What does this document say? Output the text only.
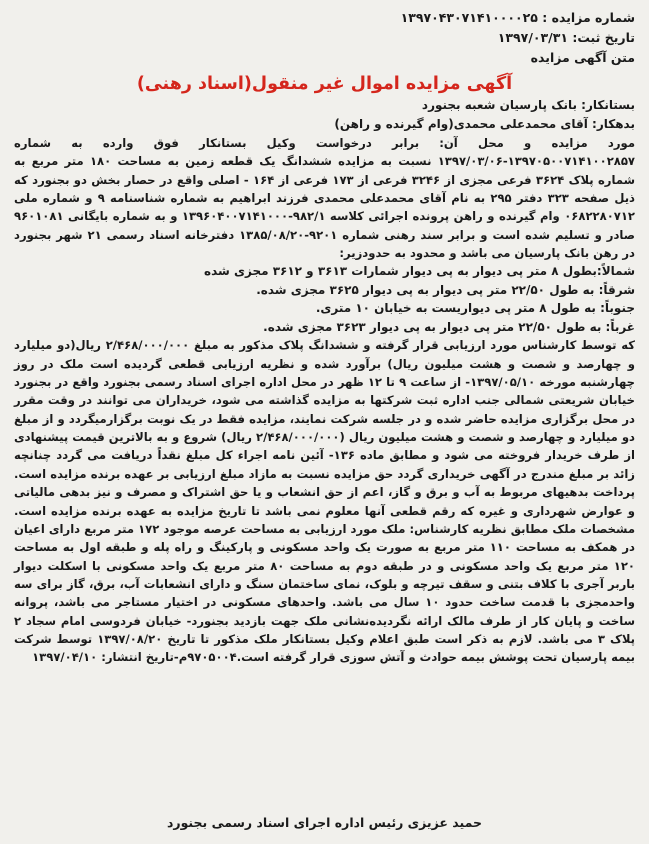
شماره مزایده : ۱۳۹۷۰۴۳۰۷۱۴۱۰۰۰۰۲۵
تاریخ ثبت: ۱۳۹۷/۰۳/۳۱
متن آگهی مزایده
آگهی مزایده اموال غیر منقول(اسناد رهنی)
بستانکار: بانک پارسیان شعبه بجنورد
بدهکار: آقای محمدعلی محمدی(وام گیرنده و راهن)

مورد مزایده و محل آن: برابر درخواست وکیل بستانکار فوق وارده به شماره ۱۳۹۷۰۵۰۰۷۱۴۱۰۰۲۸۵۷-۱۳۹۷/۰۳/۰۶ نسبت به مزایده ششدانگ یک قطعه زمین به مساحت ۱۸۰ متر مربع به شماره پلاک ۳۶۲۴ فرعی مجزی از ۳۲۴۶ فرعی از ۱۷۳ فرعی از ۱۶۴ - اصلی واقع در حصار بخش دو بجنورد که ذیل صفحه ۳۲۳ دفتر ۲۹۵ به نام آقای محمدعلی محمدی فرزند ابراهیم به شماره شناسنامه ۹ و شماره ملی ۰۶۸۲۲۸۰۷۱۲ وام گیرنده و راهن پرونده اجرائی کلاسه ۹۸۲/۱-۱۳۹۶۰۴۰۰۷۱۴۱۰۰۰ و به شماره بایگانی ۹۶۰۱۰۸۱ صادر و تسلیم شده است و برابر سند رهنی شماره ۹۲۰۱-۱۳۸۵/۰۸/۲۰ دفترخانه اسناد رسمی ۲۱ شهر بجنورد در رهن بانک پارسیان می باشد و محدود به حدودزیر:

شمالاً:بطول ۸ متر پی دیوار به پی دیوار شمارات ۳۶۱۳ و ۳۶۱۲ مجزی شده
شرقاً: به طول ۲۲/۵۰ متر پی دیوار به پی دیوار ۳۶۲۵ مجزی شده.
جنوباً: به طول ۸ متر پی دیواریست به خیابان ۱۰ متری.
غرباً: به طول ۲۲/۵۰ متر پی دیوار به پی دیوار ۳۶۲۳ مجزی شده.

که توسط کارشناس مورد ارزیابی قرار گرفته و ششدانگ پلاک مذکور به مبلغ ۲/۴۶۸/۰۰۰/۰۰۰ ریال(دو میلیارد و چهارصد و شصت و هشت میلیون ریال) برآورد شده و نظریه ارزیابی قطعی گردیده است ملک در روز چهارشنبه مورخه ۱۳۹۷/۰۵/۱۰- از ساعت ۹ تا ۱۲ ظهر در محل اداره اجرای اسناد رسمی بجنورد واقع در بجنورد خیابان شریعتی شمالی جنب اداره ثبت شرکتها به مزایده گذاشته می شود، خریداران می توانند در وقت مقرر در محل برگزاری مزایده حاضر شده و در جلسه شرکت نمایند، مزایده فقط در یک نوبت برگزارمیگردد و از مبلغ دو میلیارد و چهارصد و شصت و هشت میلیون ریال (۲/۴۶۸/۰۰۰/۰۰۰ ریال) شروع و به بالاترین قیمت پیشنهادی از طرف خریدار فروخته می شود و مطابق ماده ۱۳۶- آئین نامه اجراء کل مبلغ نقداً دریافت می گردد چنانچه زائد بر مبلغ مندرج در آگهی خریداری گردد حق مزایده نسبت به مازاد مبلغ ارزیابی بر عهده برنده مزایده است. پرداخت بدهیهای مربوط به آب و برق و گاز، اعم از حق انشعاب و یا حق اشتراک و مصرف و نیز بدهی مالیاتی و عوارض شهرداری و غیره که رقم قطعی آنها معلوم نمی باشد تا تاریخ مزایده به عهده برنده مزایده است. مشخصات ملک مطابق نظریه کارشناس: ملک مورد ارزیابی به مساحت عرصه موجود ۱۷۲ متر مربع دارای اعیان در همکف به مساحت ۱۱۰ متر مربع به صورت یک واحد مسکونی و پارکینگ و راه پله و طبقه اول به مساحت ۱۲۰ متر مربع یک واحد مسکونی و در طبقه دوم به مساحت ۸۰ متر مربع یک واحد مسکونی با اسکلت دیوار باربر آجری با کلاف بتنی و سقف تیرچه و بلوک، نمای ساختمان سنگ و دارای انشعابات آب، برق، گاز برای سه واحدمجزی با قدمت ساخت حدود ۱۰ سال می باشد. واحدهای مسکونی در اختیار مستاجر می باشد، پروانه ساخت و پایان کار از طرف مالک ارائه نگردیده‌نشانی ملک جهت بازدید بجنورد- خیابان فردوسی امام سجاد ۲ پلاک ۳ می باشد. لازم به ذکر است طبق اعلام وکیل بستانکار ملک مذکور تا تاریخ ۱۳۹۷/۰۸/۲۰ توسط شرکت بیمه پارسیان تحت پوشش بیمه حوادث و آتش سوزی قرار گرفته است.۹۷۰۵۰۰۴م-تاریخ انتشار: ۱۳۹۷/۰۴/۱۰

حمید عزیزی رئیس اداره اجرای اسناد رسمی بجنورد
